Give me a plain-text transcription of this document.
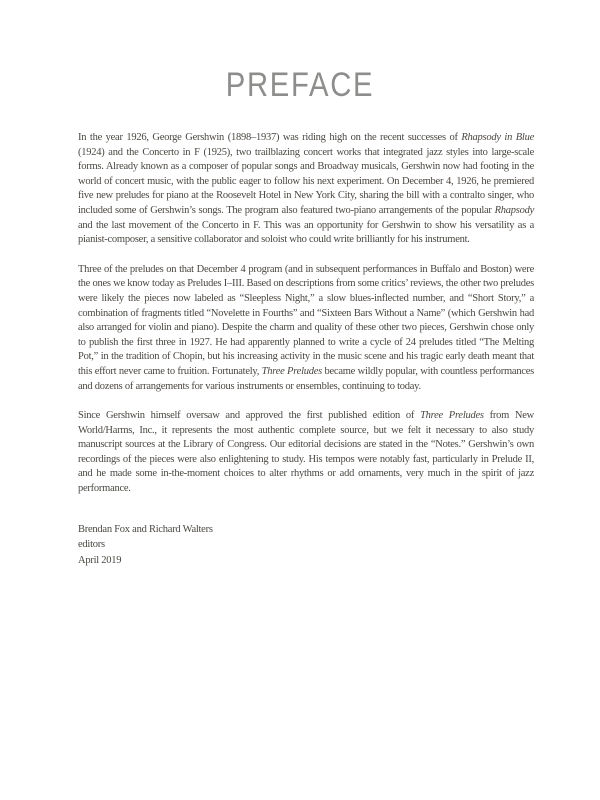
PREFACE

In the year 1926, George Gershwin (1898–1937) was riding high on the recent successes of Rhapsody in Blue (1924) and the Concerto in F (1925), two trailblazing concert works that integrated jazz styles into large-scale forms. Already known as a composer of popular songs and Broadway musicals, Gershwin now had footing in the world of concert music, with the public eager to follow his next experiment. On December 4, 1926, he premiered five new preludes for piano at the Roosevelt Hotel in New York City, sharing the bill with a contralto singer, who included some of Gershwin’s songs. The program also featured two-piano arrangements of the popular Rhapsody and the last movement of the Concerto in F. This was an opportunity for Gershwin to show his versatility as a pianist-composer, a sensitive collaborator and soloist who could write brilliantly for his instrument.

Three of the preludes on that December 4 program (and in subsequent performances in Buffalo and Boston) were the ones we know today as Preludes I–III. Based on descriptions from some critics’ reviews, the other two preludes were likely the pieces now labeled as “Sleepless Night,” a slow blues-inflected number, and “Short Story,” a combination of fragments titled “Novelette in Fourths” and “Sixteen Bars Without a Name” (which Gershwin had also arranged for violin and piano). Despite the charm and quality of these other two pieces, Gershwin chose only to publish the first three in 1927. He had apparently planned to write a cycle of 24 preludes titled “The Melting Pot,” in the tradition of Chopin, but his increasing activity in the music scene and his tragic early death meant that this effort never came to fruition. Fortunately, Three Preludes became wildly popular, with countless performances and dozens of arrangements for various instruments or ensembles, continuing to today.

Since Gershwin himself oversaw and approved the first published edition of Three Preludes from New World/Harms, Inc., it represents the most authentic complete source, but we felt it necessary to also study manuscript sources at the Library of Congress. Our editorial decisions are stated in the “Notes.” Gershwin’s own recordings of the pieces were also enlightening to study. His tempos were notably fast, particularly in Prelude II, and he made some in-the-moment choices to alter rhythms or add ornaments, very much in the spirit of jazz performance.

Brendan Fox and Richard Walters
editors
April 2019
